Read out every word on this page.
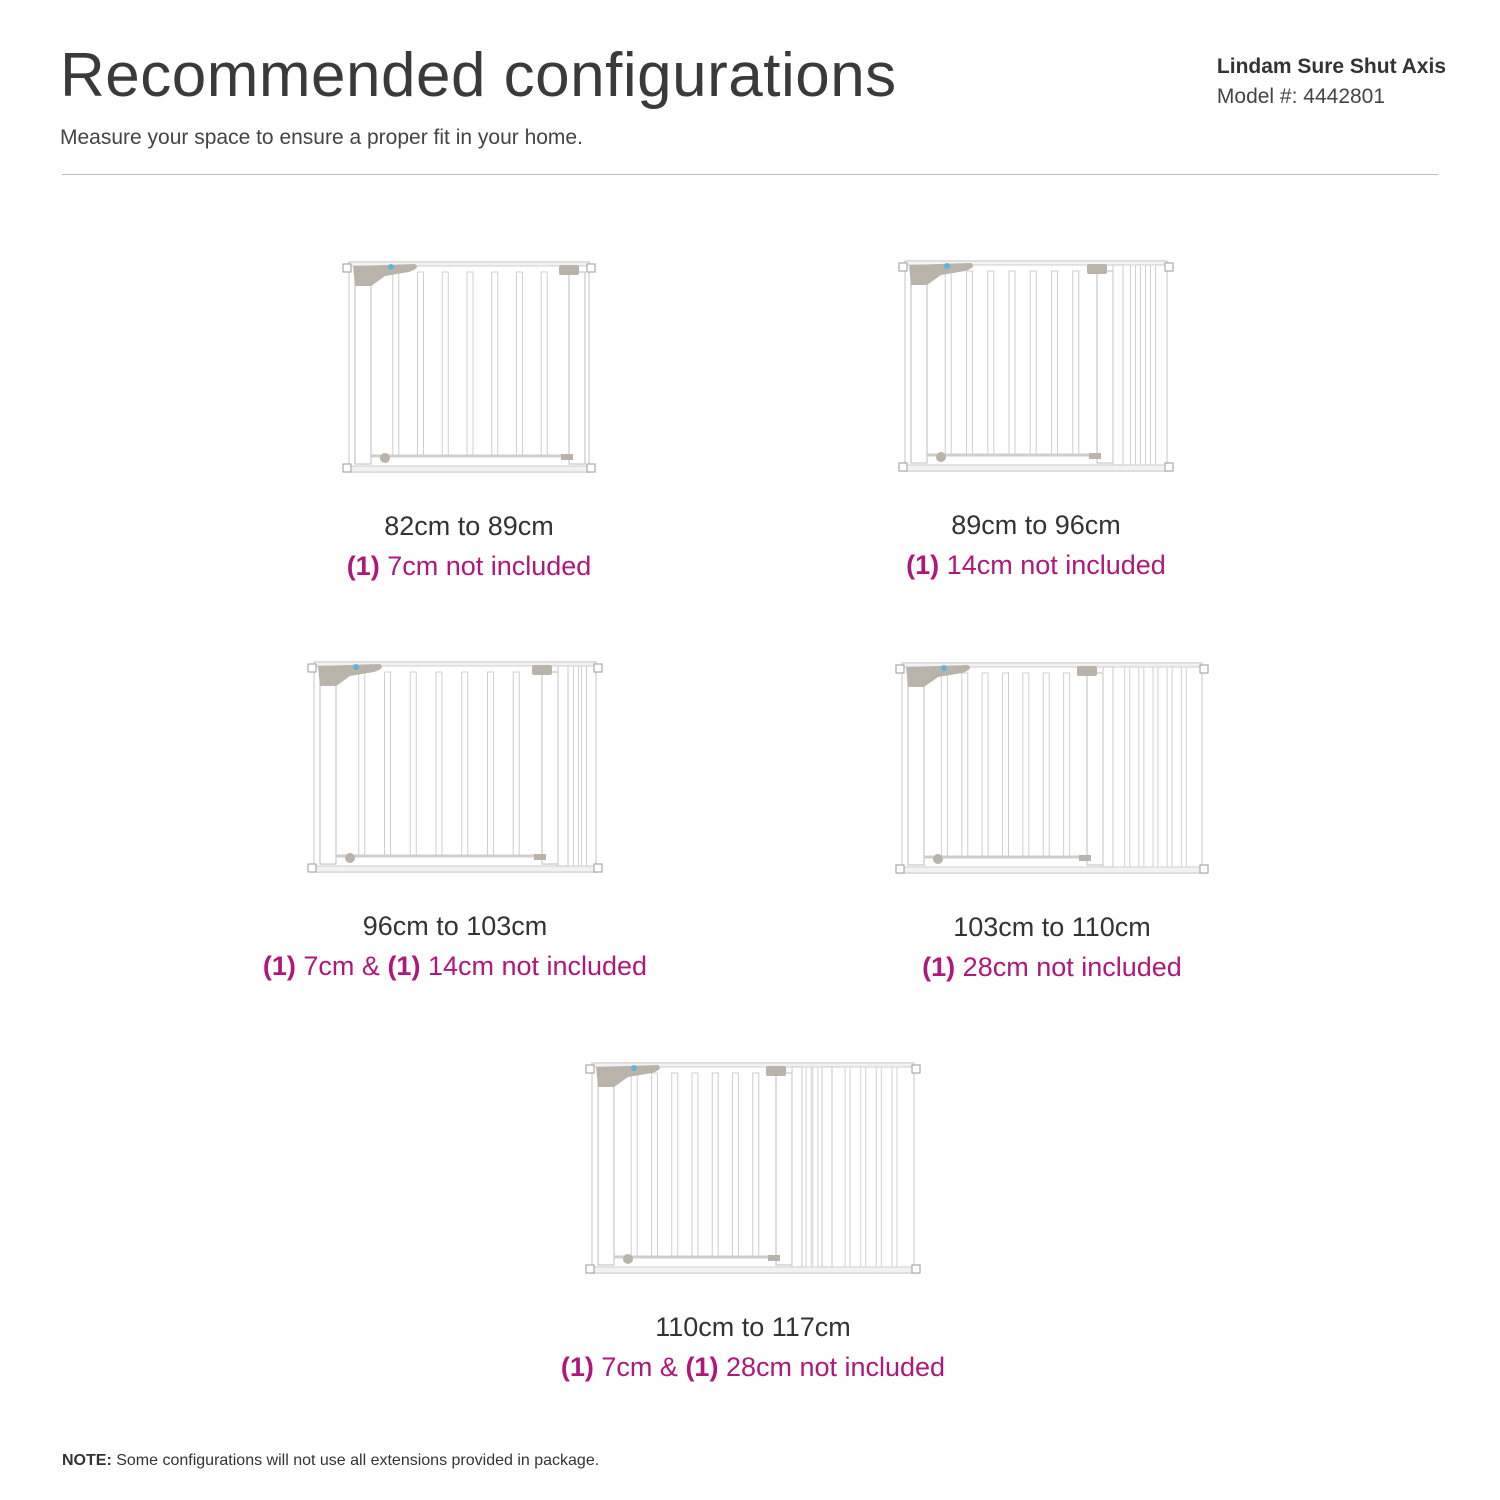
Recommended configurations

Measure your space to ensure a proper fit in your home.

Lindam Sure Shut Axis
Model #: 4442801
82cm to 89cm
(1) 7cm not included
89cm to 96cm
(1) 14cm not included
96cm to 103cm
(1) 7cm & (1) 14cm not included
103cm to 110cm
(1) 28cm not included
110cm to 117cm
(1) 7cm & (1) 28cm not included
NOTE: Some configurations will not use all extensions provided in package.
